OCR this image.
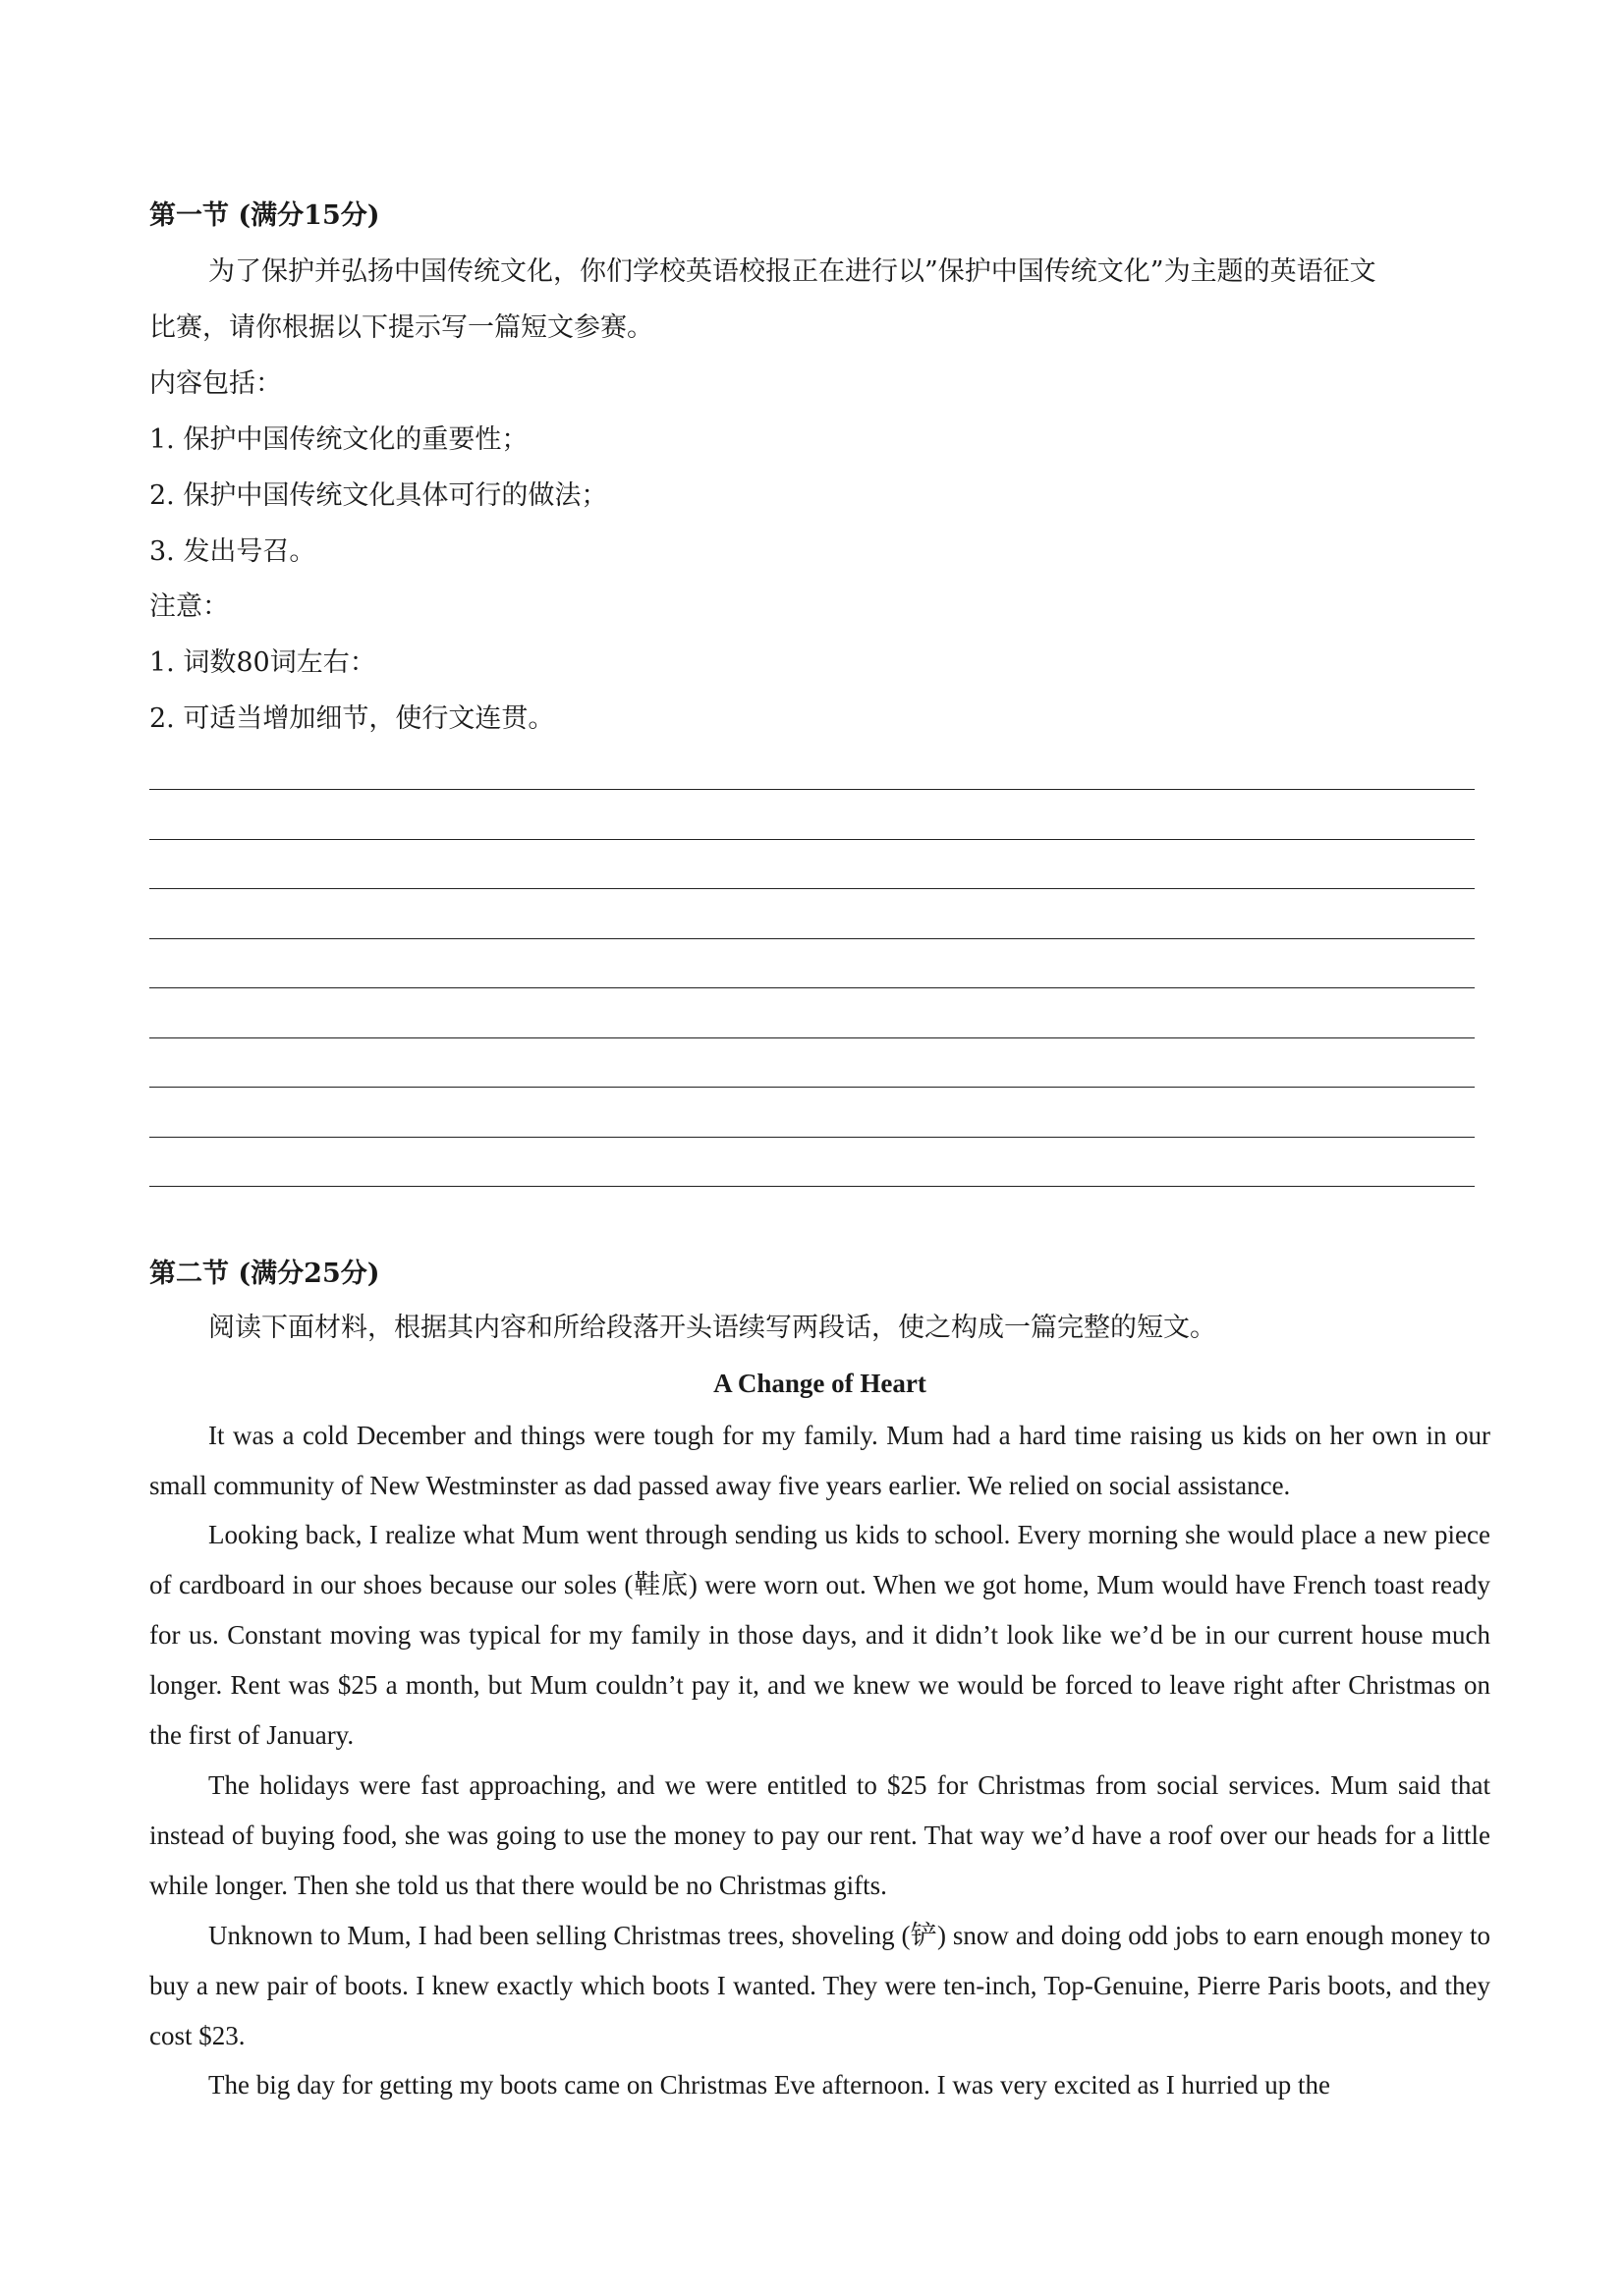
第一节 (满分15分)
为了保护并弘扬中国传统文化，你们学校英语校报正在进行以”保护中国传统文化”为主题的英语征文
比赛，请你根据以下提示写一篇短文参赛。
内容包括：
1. 保护中国传统文化的重要性；
2. 保护中国传统文化具体可行的做法；
3. 发出号召。
注意：
1. 词数80词左右：
2. 可适当增加细节，使行文连贯。
第二节 (满分25分)
阅读下面材料，根据其内容和所给段落开头语续写两段话，使之构成一篇完整的短文。
A Change of Heart

It was a cold December and things were tough for my family. Mum had a hard time raising us kids on her own in our small community of New Westminster as dad passed away five years earlier. We relied on social assistance.

Looking back, I realize what Mum went through sending us kids to school. Every morning she would place a new piece of cardboard in our shoes because our soles (鞋底) were worn out. When we got home, Mum would have French toast ready for us. Constant moving was typical for my family in those days, and it didn’t look like we’d be in our current house much longer. Rent was $25 a month, but Mum couldn’t pay it, and we knew we would be forced to leave right after Christmas on the first of January.

The holidays were fast approaching, and we were entitled to $25 for Christmas from social services. Mum said that instead of buying food, she was going to use the money to pay our rent. That way we’d have a roof over our heads for a little while longer. Then she told us that there would be no Christmas gifts.

Unknown to Mum, I had been selling Christmas trees, shoveling (铲) snow and doing odd jobs to earn enough money to buy a new pair of boots. I knew exactly which boots I wanted. They were ten-inch, Top-Genuine, Pierre Paris boots, and they cost $23.

The big day for getting my boots came on Christmas Eve afternoon. I was very excited as I hurried up the
